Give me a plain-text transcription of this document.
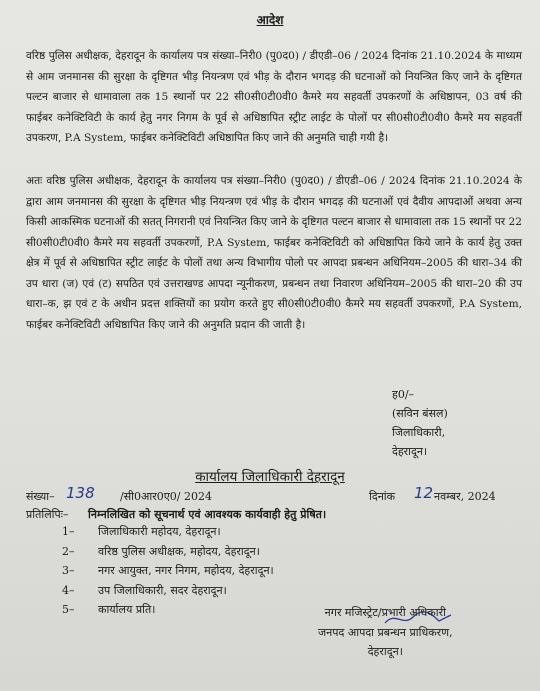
आदेश
वरिष्ठ पुलिस अधीक्षक, देहरादून के कार्यालय पत्र संख्या–निरी0 (पु0द0) / डीएडी–06 / 2024 दिनांक 21.10.2024 के माध्यम से आम जनमानस की सुरक्षा के दृष्टिगत भीड़ नियन्त्रण एवं भीड़ के दौरान भगदड़ की घटनाओं को नियन्त्रित किए जाने के दृष्टिगत पल्टन बाजार से धामावाला तक 15 स्थानों पर 22 सी0सी0टी0वी0 कैमरे मय सहवर्ती उपकरणों के अधिष्ठापन, 03 वर्ष की फाईबर कनेक्टिविटी के कार्य हेतु नगर निगम के पूर्व से अधिष्ठापित स्ट्रीट लाईट के पोलों पर सी0सी0टी0वी0 कैमरे मय सहवर्ती उपकरण, P.A System, फाईबर कनेक्टिविटी अधिष्ठापित किए जाने की अनुमति चाही गयी है।
अतः वरिष्ठ पुलिस अधीक्षक, देहरादून के कार्यालय पत्र संख्या–निरी0 (पु0द0) / डीएडी–06 / 2024 दिनांक 21.10.2024 के द्वारा आम जनमानस की सुरक्षा के दृष्टिगत भीड़ नियन्त्रण एवं भीड़ के दौरान भगदड़ की घटनाओं एवं दैवीय आपदाओं अथवा अन्य किसी आकस्मिक घटनाओं की सतत् निगरानी एवं नियन्त्रित किए जाने के दृष्टिगत पल्टन बाजार से धामावाला तक 15 स्थानों पर 22 सी0सी0टी0वी0 कैमरे मय सहवर्ती उपकरणों, P.A System, फाईबर कनेक्टिविटी को अधिष्ठापित किये जाने के कार्य हेतु उक्त क्षेत्र में पूर्व से अधिष्ठापित स्ट्रीट लाईट के पोलों तथा अन्य विभागीय पोलो पर आपदा प्रबन्धन अधिनियम–2005 की धारा–34 की उप धारा (ज) एवं (ट) सपठित एवं उत्तराखण्ड आपदा न्यूनीकरण, प्रबन्धन तथा निवारण अधिनियम–2005 की धारा–20 की उप धारा–क, झ एवं ट के अधीन प्रदत्त शक्तियों का प्रयोग करते हुए सी0सी0टी0वी0 कैमरे मय सहवर्ती उपकरणों, P.A System, फाईबर कनेक्टिविटी अधिष्ठापित किए जाने की अनुमति प्रदान की जाती है।
ह0/–
(सविन बंसल)
जिलाधिकारी,
देहरादून।
कार्यालय जिलाधिकारी देहरादून
संख्या– 138 /सी0आर0ए0/ 2024	दिनांक 12 नवम्बर, 2024
प्रतिलिपिः– निम्नलिखित को सूचनार्थ एवं आवश्यक कार्यवाही हेतु प्रेषित।
1– जिलाधिकारी महोदय, देहरादून।
2– वरिष्ठ पुलिस अधीक्षक, महोदय, देहरादून।
3– नगर आयुक्त, नगर निगम, महोदय, देहरादून।
4– उप जिलाधिकारी, सदर देहरादून।
5– कार्यालय प्रति।	नगर मजिस्ट्रेट/प्रभारी अधिकारी
जनपद आपदा प्रबन्धन प्राधिकरण,
देहरादून।
